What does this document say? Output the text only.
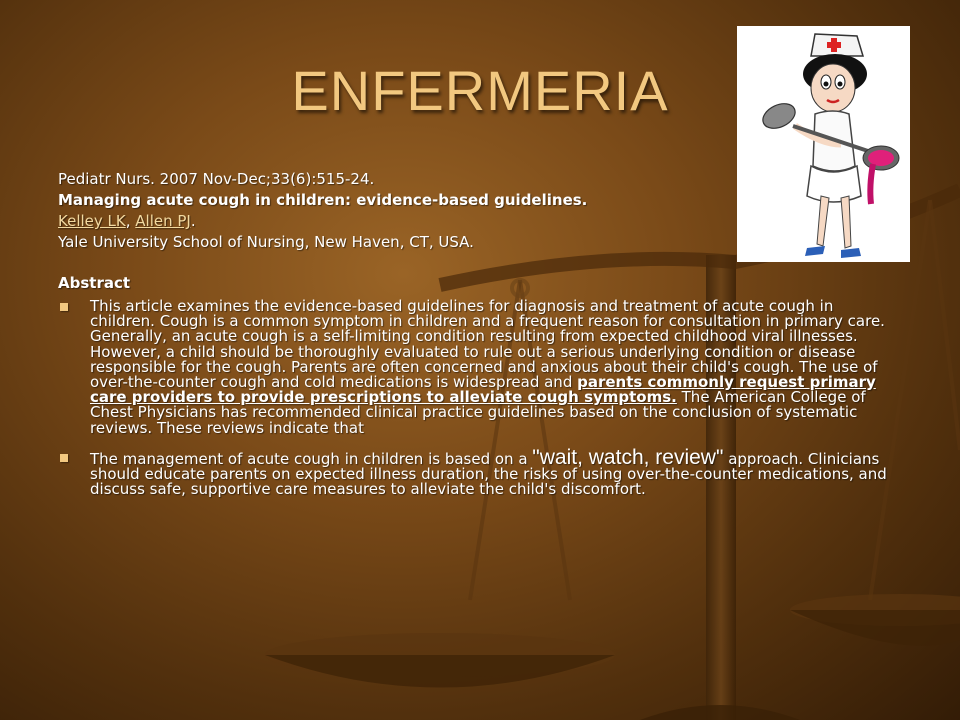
ENFERMERIA
Pediatr Nurs. 2007 Nov-Dec;33(6):515-24.
Managing acute cough in children: evidence-based guidelines.
Kelley LK, Allen PJ.
Yale University School of Nursing, New Haven, CT, USA.
Abstract
This article examines the evidence-based guidelines for diagnosis and treatment of acute cough in children. Cough is a common symptom in children and a frequent reason for consultation in primary care. Generally, an acute cough is a self-limiting condition resulting from expected childhood viral illnesses. However, a child should be thoroughly evaluated to rule out a serious underlying condition or disease responsible for the cough. Parents are often concerned and anxious about their child's cough. The use of over-the-counter cough and cold medications is widespread and parents commonly request primary care providers to provide prescriptions to alleviate cough symptoms. The American College of Chest Physicians has recommended clinical practice guidelines based on the conclusion of systematic reviews. These reviews indicate that
The management of acute cough in children is based on a "wait, watch, review" approach. Clinicians should educate parents on expected illness duration, the risks of using over-the-counter medications, and discuss safe, supportive care measures to alleviate the child's discomfort.
